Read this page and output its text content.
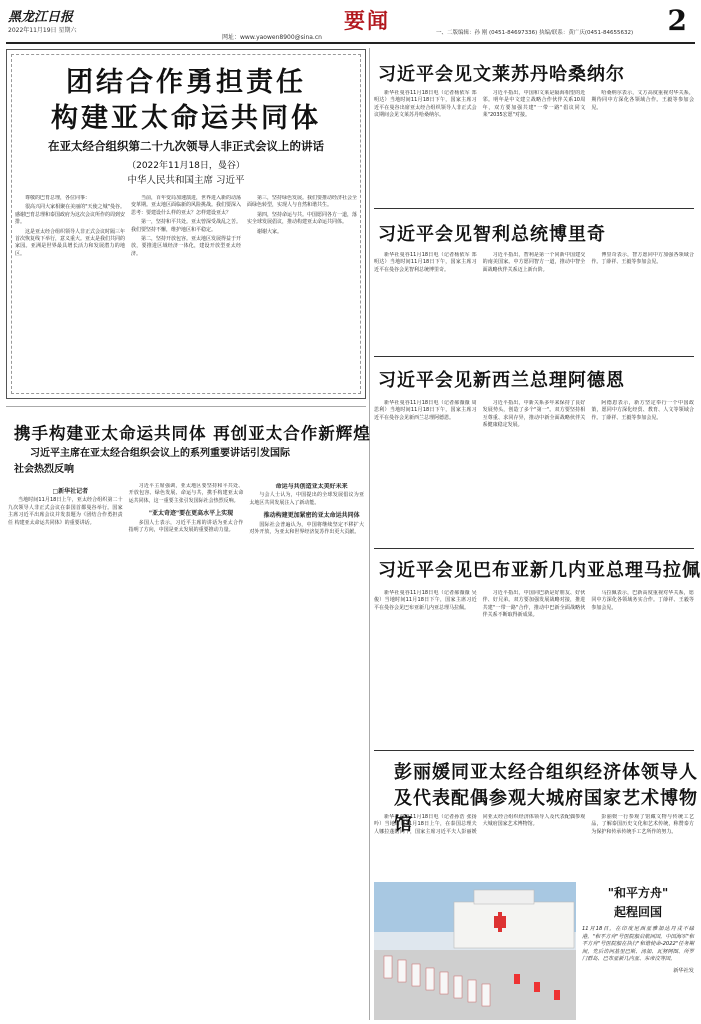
黑龙江日报
2022年11月19日 星期六
网址：www.yaowen8900@sina.cn
要闻	一、二版编辑：孙 刚 (0451-84697336) 执编/联系：黄广庆(0451-84655632) 2
团结合作勇担责任
构建亚太命运共同体
在亚太经合组织第二十九次领导人非正式会议上的讲话
（2022年11月18日，曼谷）
中华人民共和国主席 习近平

尊敬的巴育总理，各位同事：

很高兴同大家相聚在美丽的"天使之城"曼谷。感谢巴育总理和泰国政府为这次会议所作的周到安排。

这是亚太经合组织领导人非正式会议时隔三年首次恢复线下举行，意义重大。亚太是我们共同的家园。亚洲是世界最具增长活力和发展潜力的地区。

当前，百年变局加速演进，世界进入新的动荡变革期。亚太地区面临新的风险挑战。我们要深入思考：要建设什么样的亚太？怎样建设亚太？

第一，坚持和平共处。亚太曾深受战乱之苦。我们要坚持不懈，维护地区和平稳定。

第二，坚持开放包容。亚太地区发展得益于开放，要推进区域经济一体化，建设开放型亚太经济。

第三，坚持绿色发展。我们要推动经济社会全面绿色转型，实现人与自然和谐共生。

第四，坚持命运与共。中国愿同各方一道，落实全球发展倡议，推动构建亚太命运共同体。

谢谢大家。

携手构建亚太命运共同体 再创亚太合作新辉煌
习近平主席在亚太经合组织会议上的系列重要讲话引发国际
社会热烈反响

□新华社记者

当地时间11月18日上午，亚太经合组织第二十九次领导人非正式会议在泰国首都曼谷举行。国家主席习近平出席会议并发表题为《团结合作勇担责任 构建亚太命运共同体》的重要讲话。

习近平主席强调，亚太地区要坚持和平共处、开放包容、绿色发展、命运与共，携手构建亚太命运共同体，这一重要主张引发国际社会热烈反响。

"亚太奇迹"要在更高水平上实现

多国人士表示，习近平主席的讲话为亚太合作指明了方向，中国是亚太发展的重要推动力量。

命运与共创造亚太美好未来

与会人士认为，中国提出的全球发展倡议为亚太地区共同发展注入了新动能。

推动构建更加紧密的亚太命运共同体

国际社会普遍认为，中国将继续坚定不移扩大对外开放，为亚太和世界经济复苏作出更大贡献。

习近平会见文莱苏丹哈桑纳尔

新华社曼谷11月18日电（记者杨依军 郑明达）当地时间11月18日下午，国家主席习近平在曼谷出席亚太经合组织领导人非正式会议期间会见文莱苏丹哈桑纳尔。

习近平指出，中国和文莱是隔海相望的近邻。明年是中文建立战略合作伙伴关系10周年，双方要加强共建"一带一路"倡议同文莱"2035宏愿"对接。

哈桑纳尔表示，文方高度重视对华关系，期待同中方深化各领域合作。王毅等参加会见。

习近平会见智利总统博里奇

新华社曼谷11月18日电（记者杨依军 郑明达）当地时间11月18日下午，国家主席习近平在曼谷会见智利总统博里奇。

习近平指出，智利是第一个同新中国建交的南美国家。中方愿同智方一道，推动中智全面战略伙伴关系迈上新台阶。

博里奇表示，智方愿同中方加强各领域合作。丁薛祥、王毅等参加会见。

习近平会见新西兰总理阿德恩

新华社曼谷11月18日电（记者郝薇薇 周思利）当地时间11月18日下午，国家主席习近平在曼谷会见新西兰总理阿德恩。

习近平指出，中新关系多年来保持了良好发展势头，创造了多个"第一"。双方要坚持相互尊重、求同存异，推动中新全面战略伙伴关系健康稳定发展。

阿德恩表示，新方坚定奉行一个中国政策，愿同中方深化经贸、教育、人文等领域合作。丁薛祥、王毅等参加会见。

习近平会见巴布亚新几内亚总理马拉佩

新华社曼谷11月18日电（记者郝薇薇 吴俊）当地时间11月18日下午，国家主席习近平在曼谷会见巴布亚新几内亚总理马拉佩。

习近平指出，中国同巴新是好朋友、好伙伴、好兄弟。双方要加强发展战略对接，推进共建"一带一路"合作，推动中巴新全面战略伙伴关系不断取得新成果。

马拉佩表示，巴新高度重视对华关系，愿同中方深化各领域务实合作。丁薛祥、王毅等参加会见。

彭丽媛同亚太经合组织经济体领导人
及代表配偶参观大城府国家艺术博物馆

新华社曼谷11月18日电（记者孙浩 张扬吟）当地时间11月18日上午，在泰国总理夫人娜拉蓬陪同下，国家主席习近平夫人彭丽媛同亚太经合组织经济体领导人及代表配偶参观大城府国家艺术博物馆。

彭丽媛一行参观了馆藏文物与传统工艺品，了解泰国历史文化和艺术传统，称赞泰方为保护和传承传统手工艺所作的努力。

"和平方舟"
起程回国
11月18日，在印度尼西亚雅加达丹戎不碌港，"和平方舟"号医院船启航回国。中国海军"和平方舟"号医院船在执行"和谐使命-2022"任务期间，先后访问基里巴斯、汤加、瓦努阿图、所罗门群岛、巴布亚新几内亚、东帝汶等国。
新华社发
